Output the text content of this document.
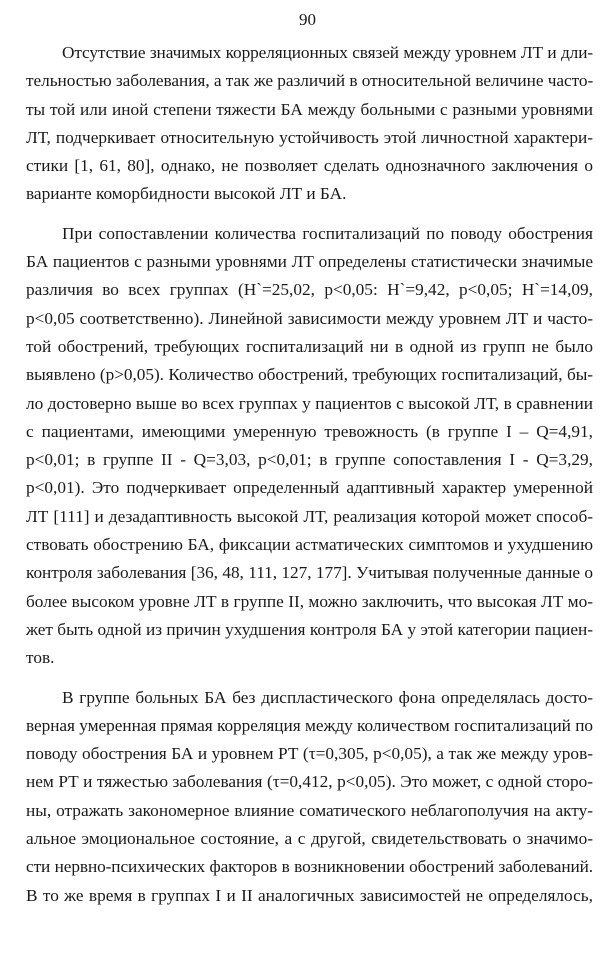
90

Отсутствие значимых корреляционных связей между уровнем ЛТ и дли-
тельностью заболевания, а так же различий в относительной величине часто-
ты той или иной степени тяжести БА между больными с разными уровнями
ЛТ, подчеркивает относительную устойчивость этой личностной характери-
стики [1, 61, 80], однако, не позволяет сделать однозначного заключения о
варианте коморбидности высокой ЛТ и БА.

При сопоставлении количества госпитализаций по поводу обострения
БА пациентов с разными уровнями ЛТ определены статистически значимые
различия во всех группах (H`=25,02, p<0,05: H`=9,42, p<0,05; H`=14,09,
p<0,05 соответственно). Линейной зависимости между уровнем ЛТ и часто-
той обострений, требующих госпитализаций ни в одной из групп не было
выявлено (p>0,05). Количество обострений, требующих госпитализаций, бы-
ло достоверно выше во всех группах у пациентов с высокой ЛТ, в сравнении
с пациентами, имеющими умеренную тревожность (в группе I – Q=4,91,
p<0,01; в группе II - Q=3,03, p<0,01; в группе сопоставления I - Q=3,29,
p<0,01). Это подчеркивает определенный адаптивный характер умеренной
ЛТ [111] и дезадаптивность высокой ЛТ, реализация которой может способ-
ствовать обострению БА, фиксации астматических симптомов и ухудшению
контроля заболевания [36, 48, 111, 127, 177]. Учитывая полученные данные о
более высоком уровне ЛТ в группе II, можно заключить, что высокая ЛТ мо-
жет быть одной из причин ухудшения контроля БА у этой категории пациен-
тов.

В группе больных БА без диспластического фона определялась досто-
верная умеренная прямая корреляция между количеством госпитализаций по
поводу обострения БА и уровнем РТ (τ=0,305, p<0,05), а так же между уров-
нем РТ и тяжестью заболевания (τ=0,412, p<0,05). Это может, с одной сторо-
ны, отражать закономерное влияние соматического неблагополучия на акту-
альное эмоциональное состояние, а с другой, свидетельствовать о значимо-
сти нервно-психических факторов в возникновении обострений заболеваний.
В то же время в группах I и II аналогичных зависимостей не определялось,
